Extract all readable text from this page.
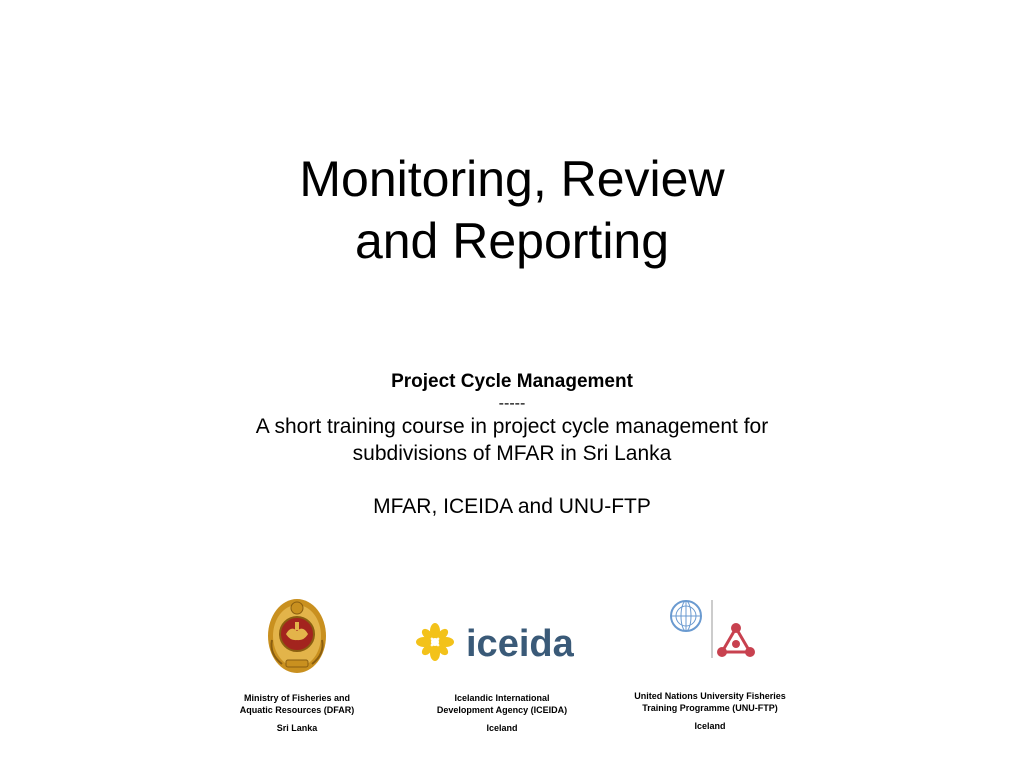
Monitoring, Review
and Reporting
Project Cycle Management
-----
A short training course in project cycle management for
subdivisions of MFAR in Sri Lanka
MFAR, ICEIDA and UNU-FTP
Ministry of Fisheries and
Aquatic Resources (DFAR)
Sri Lanka
iceida
Icelandic International
Development Agency (ICEIDA)
Iceland
United Nations University Fisheries
Training Programme (UNU-FTP)
Iceland
